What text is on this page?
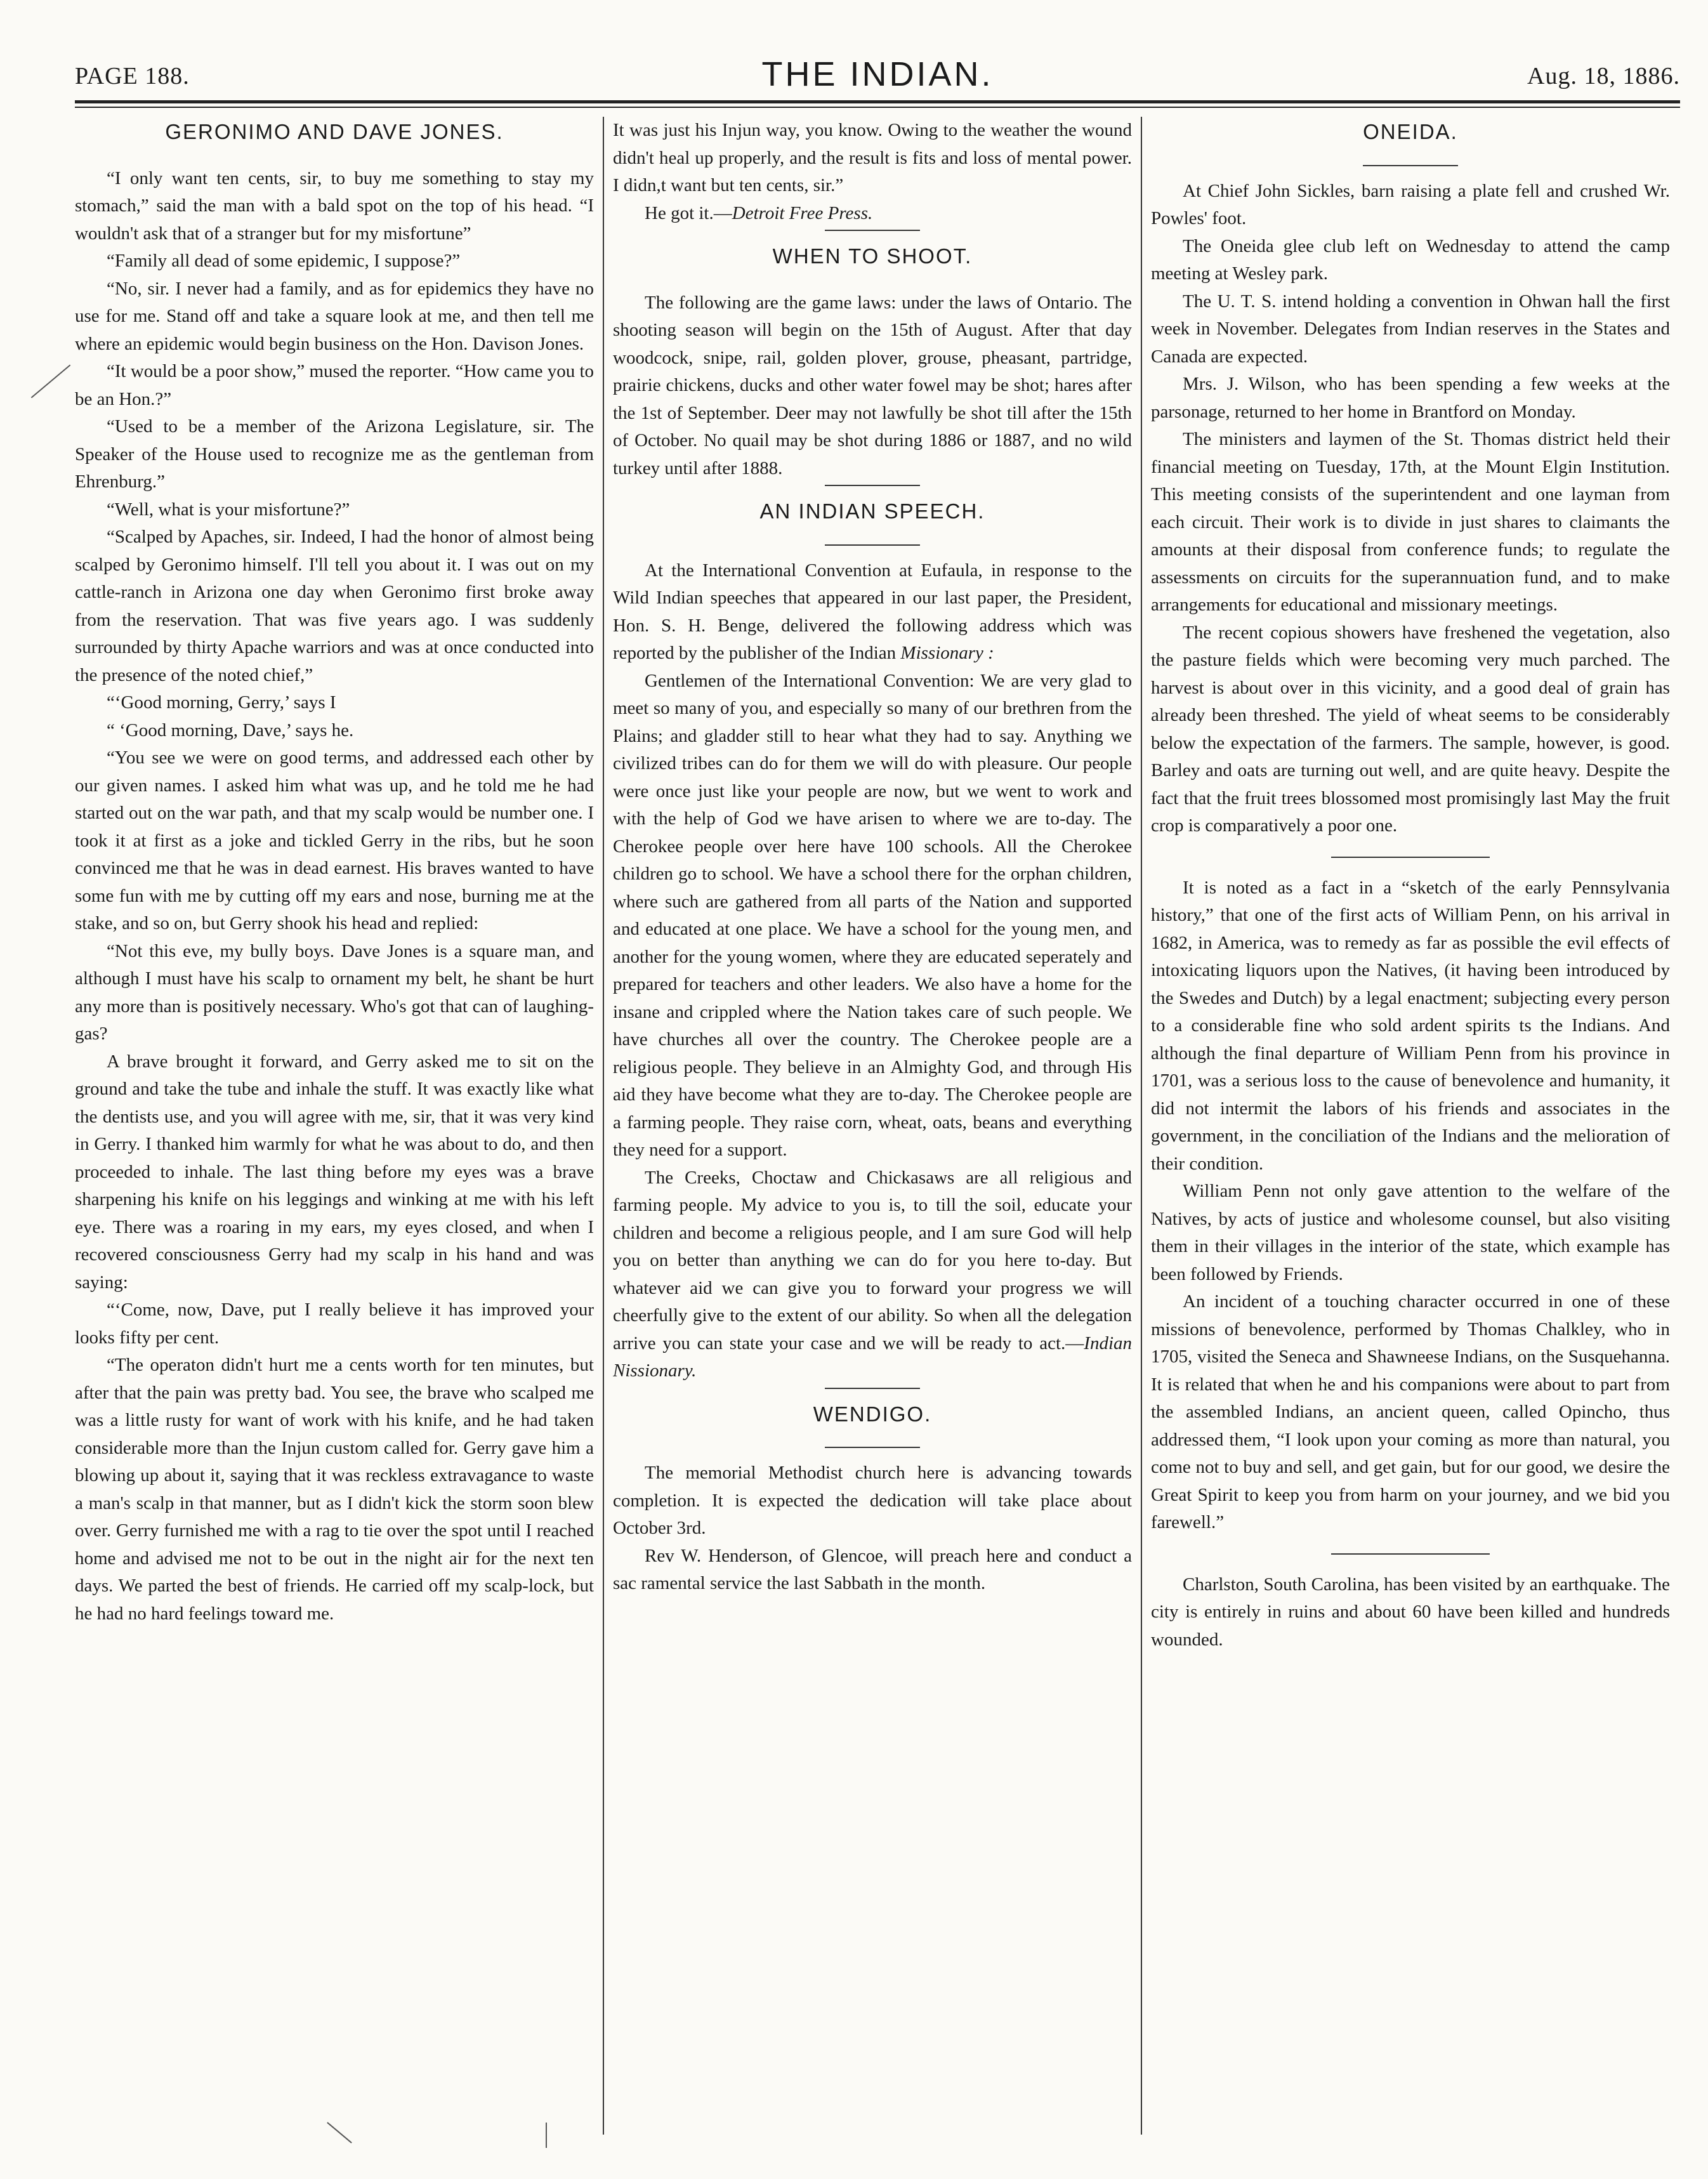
PAGE 188.	THE INDIAN.	Aug. 18, 1886.
GERONIMO AND DAVE JONES.

“I only want ten cents, sir, to buy me something to stay my stomach,” said the man with a bald spot on the top of his head. “I wouldn't ask that of a stranger but for my misfortune”

“Family all dead of some epidemic, I suppose?”

“No, sir. I never had a family, and as for epidemics they have no use for me. Stand off and take a square look at me, and then tell me where an epidemic would begin business on the Hon. Davison Jones.

“It would be a poor show,” mused the reporter. “How came you to be an Hon.?”

“Used to be a member of the Arizona Legislature, sir. The Speaker of the House used to recognize me as the gentleman from Ehrenburg.”

“Well, what is your misfortune?”

“Scalped by Apaches, sir. Indeed, I had the honor of almost being scalped by Geronimo himself. I'll tell you about it. I was out on my cattle-ranch in Arizona one day when Geronimo first broke away from the reservation. That was five years ago. I was suddenly surrounded by thirty Apache warriors and was at once conducted into the presence of the noted chief,”

“‘Good morning, Gerry,’ says I

“ ‘Good morning, Dave,’ says he.

“You see we were on good terms, and addressed each other by our given names. I asked him what was up, and he told me he had started out on the war path, and that my scalp would be number one. I took it at first as a joke and tickled Gerry in the ribs, but he soon convinced me that he was in dead earnest. His braves wanted to have some fun with me by cutting off my ears and nose, burning me at the stake, and so on, but Gerry shook his head and replied:

“Not this eve, my bully boys. Dave Jones is a square man, and although I must have his scalp to ornament my belt, he shant be hurt any more than is positively necessary. Who's got that can of laughing-gas?

A brave brought it forward, and Gerry asked me to sit on the ground and take the tube and inhale the stuff. It was exactly like what the dentists use, and you will agree with me, sir, that it was very kind in Gerry. I thanked him warmly for what he was about to do, and then proceeded to inhale. The last thing before my eyes was a brave sharpening his knife on his leggings and winking at me with his left eye. There was a roaring in my ears, my eyes closed, and when I recovered consciousness Gerry had my scalp in his hand and was saying:

“‘Come, now, Dave, put I really believe it has improved your looks fifty per cent.

“The operaton didn't hurt me a cents worth for ten minutes, but after that the pain was pretty bad. You see, the brave who scalped me was a little rusty for want of work with his knife, and he had taken considerable more than the Injun custom called for. Gerry gave him a blowing up about it, saying that it was reckless extravagance to waste a man's scalp in that manner, but as I didn't kick the storm soon blew over. Gerry furnished me with a rag to tie over the spot until I reached home and advised me not to be out in the night air for the next ten days. We parted the best of friends. He carried off my scalp-lock, but he had no hard feelings toward me.

It was just his Injun way, you know. Owing to the weather the wound didn't heal up properly, and the result is fits and loss of mental power. I didn,t want but ten cents, sir.”

He got it.—Detroit Free Press.

WHEN TO SHOOT.

The following are the game laws: under the laws of Ontario. The shooting season will begin on the 15th of August. After that day woodcock, snipe, rail, golden plover, grouse, pheasant, partridge, prairie chickens, ducks and other water fowel may be shot; hares after the 1st of September. Deer may not lawfully be shot till after the 15th of October. No quail may be shot during 1886 or 1887, and no wild turkey until after 1888.

AN INDIAN SPEECH.

At the International Convention at Eufaula, in response to the Wild Indian speeches that appeared in our last paper, the President, Hon. S. H. Benge, delivered the following address which was reported by the publisher of the Indian Missionary :

Gentlemen of the International Convention: We are very glad to meet so many of you, and especially so many of our brethren from the Plains; and gladder still to hear what they had to say. Anything we civilized tribes can do for them we will do with pleasure. Our people were once just like your people are now, but we went to work and with the help of God we have arisen to where we are to-day. The Cherokee people over here have 100 schools. All the Cherokee children go to school. We have a school there for the orphan children, where such are gathered from all parts of the Nation and supported and educated at one place. We have a school for the young men, and another for the young women, where they are educated seperately and prepared for teachers and other leaders. We also have a home for the insane and crippled where the Nation takes care of such people. We have churches all over the country. The Cherokee people are a religious people. They believe in an Almighty God, and through His aid they have become what they are to-day. The Cherokee people are a farming people. They raise corn, wheat, oats, beans and everything they need for a support.

The Creeks, Choctaw and Chickasaws are all religious and farming people. My advice to you is, to till the soil, educate your children and become a religious people, and I am sure God will help you on better than anything we can do for you here to-day. But whatever aid we can give you to forward your progress we will cheerfully give to the extent of our ability. So when all the delegation arrive you can state your case and we will be ready to act.—Indian Nissionary.

WENDIGO.

The memorial Methodist church here is advancing towards completion. It is expected the dedication will take place about October 3rd.

Rev W. Henderson, of Glencoe, will preach here and conduct a sac ramental service the last Sabbath in the month.

ONEIDA.

At Chief John Sickles, barn raising a plate fell and crushed Wr. Powles' foot.

The Oneida glee club left on Wednesday to attend the camp meeting at Wesley park.

The U. T. S. intend holding a convention in Ohwan hall the first week in November. Delegates from Indian reserves in the States and Canada are expected.

Mrs. J. Wilson, who has been spending a few weeks at the parsonage, returned to her home in Brantford on Monday.

The ministers and laymen of the St. Thomas district held their financial meeting on Tuesday, 17th, at the Mount Elgin Institution. This meeting consists of the superintendent and one layman from each circuit. Their work is to divide in just shares to claimants the amounts at their disposal from conference funds; to regulate the assessments on circuits for the superannuation fund, and to make arrangements for educational and missionary meetings.

The recent copious showers have freshened the vegetation, also the pasture fields which were becoming very much parched. The harvest is about over in this vicinity, and a good deal of grain has already been threshed. The yield of wheat seems to be considerably below the expectation of the farmers. The sample, however, is good. Barley and oats are turning out well, and are quite heavy. Despite the fact that the fruit trees blossomed most promisingly last May the fruit crop is comparatively a poor one.

It is noted as a fact in a “sketch of the early Pennsylvania history,” that one of the first acts of William Penn, on his arrival in 1682, in America, was to remedy as far as possible the evil effects of intoxicating liquors upon the Natives, (it having been introduced by the Swedes and Dutch) by a legal enactment; subjecting every person to a considerable fine who sold ardent spirits ts the Indians. And although the final departure of William Penn from his province in 1701, was a serious loss to the cause of benevolence and humanity, it did not intermit the labors of his friends and associates in the government, in the conciliation of the Indians and the melioration of their condition.

William Penn not only gave attention to the welfare of the Natives, by acts of justice and wholesome counsel, but also visiting them in their villages in the interior of the state, which example has been followed by Friends.

An incident of a touching character occurred in one of these missions of benevolence, performed by Thomas Chalkley, who in 1705, visited the Seneca and Shawneese Indians, on the Susquehanna. It is related that when he and his companions were about to part from the assembled Indians, an ancient queen, called Opincho, thus addressed them, “I look upon your coming as more than natural, you come not to buy and sell, and get gain, but for our good, we desire the Great Spirit to keep you from harm on your journey, and we bid you farewell.”

Charlston, South Carolina, has been visited by an earthquake. The city is entirely in ruins and about 60 have been killed and hundreds wounded.
